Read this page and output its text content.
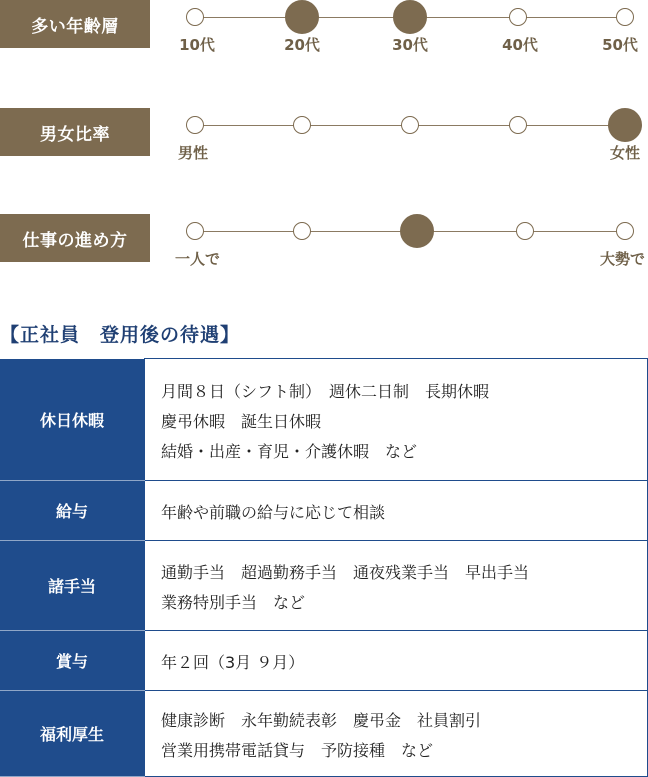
多い年齢層
10代	20代	30代	40代	50代
男女比率
男性	女性
仕事の進め方
一人で	大勢で
【正社員　登用後の待遇】
休日休暇	月間８日（シフト制）　週休二日制　長期休暇
慶弔休暇　誕生日休暇
結婚・出産・育児・介護休暇　など

給与	年齢や前職の給与に応じて相談

諸手当	通勤手当　超過勤務手当　通夜残業手当　早出手当
業務特別手当　など

賞与	年２回（3月 ９月）

福利厚生	健康診断　永年勤続表彰　慶弔金　社員割引
営業用携帯電話貸与　予防接種　など
